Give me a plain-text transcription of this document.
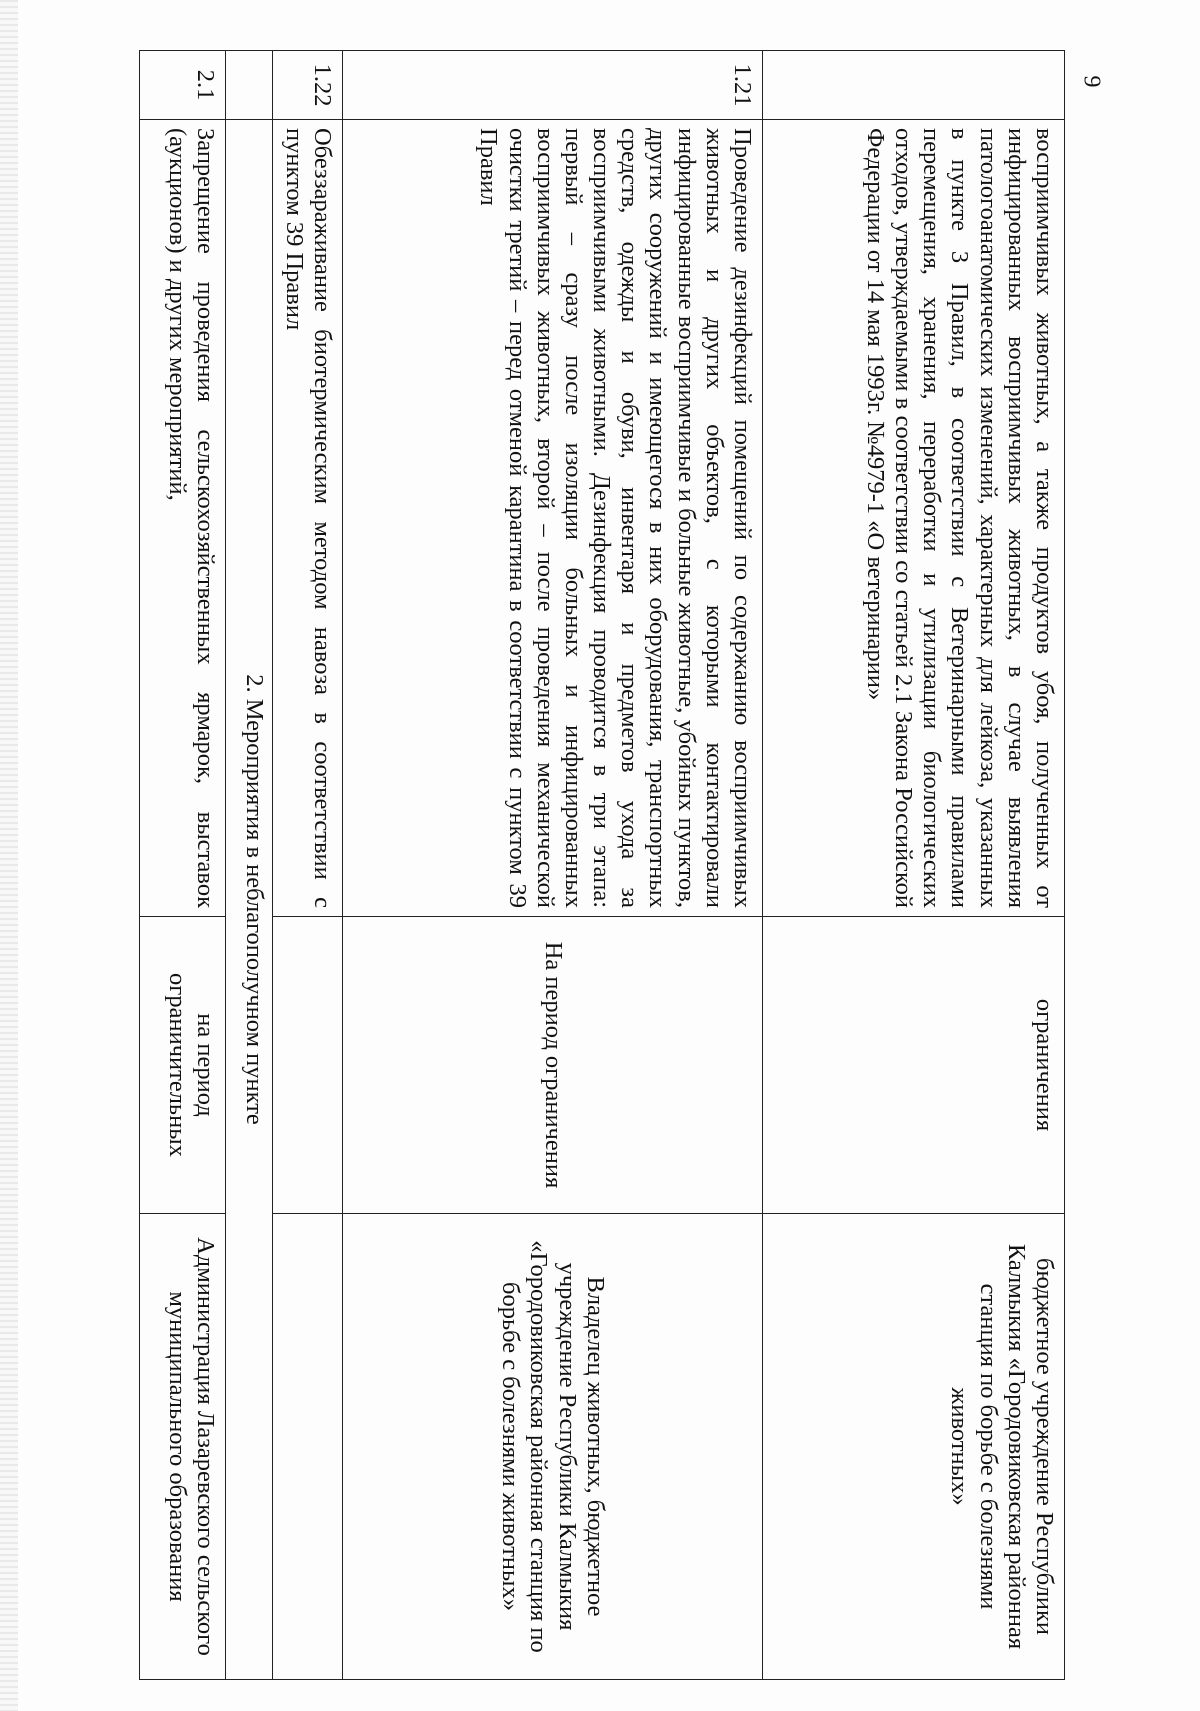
9
	восприимчивых животных, а также продуктов убоя, полученных от инфицированных восприимчивых животных, в случае выявления патологоанатомических изменений, характерных для лейкоза, указанных в пункте 3 Правил, в соответствии с Ветеринарными правилами перемещения, хранения, переработки и утилизации биологических отходов, утверждаемыми в соответствии со статьей 2.1 Закона Российской Федерации от 14 мая 1993г. №4979-1 «О ветеринарии»	ограничения	бюджетное учреждение Республики Калмыкия «Городовиковская районная станция по борьбе с болезнями животных»
1.21	Проведение дезинфекций помещений по содержанию восприимчивых животных и других объектов, с которыми контактировали инфицированные восприимчивые и больные животные, убойных пунктов, других сооружений и имеющегося в них оборудования, транспортных средств, одежды и обуви, инвентаря и предметов ухода за восприимчивыми животными. Дезинфекция проводится в три этапа: первый – сразу после изоляции больных и инфицированных восприимчивых животных, второй – после проведения механической очистки третий – перед отменой карантина в соответствии с пунктом 39 Правил	На период ограничения	Владелец животных, бюджетное учреждение Республики Калмыкия «Городовиковская районная станция по борьбе с болезнями животных»
1.22	Обеззараживание биотермическим методом навоза в соответствии с пунктом 39 Правил		
	2. Мероприятия в неблагополучном пункте		
2.1	Запрещение проведения сельскохозяйственных ярмарок, выставок (аукционов) и других мероприятий,	на период ограничительных	Администрация Лазаревского сельского муниципального образования
